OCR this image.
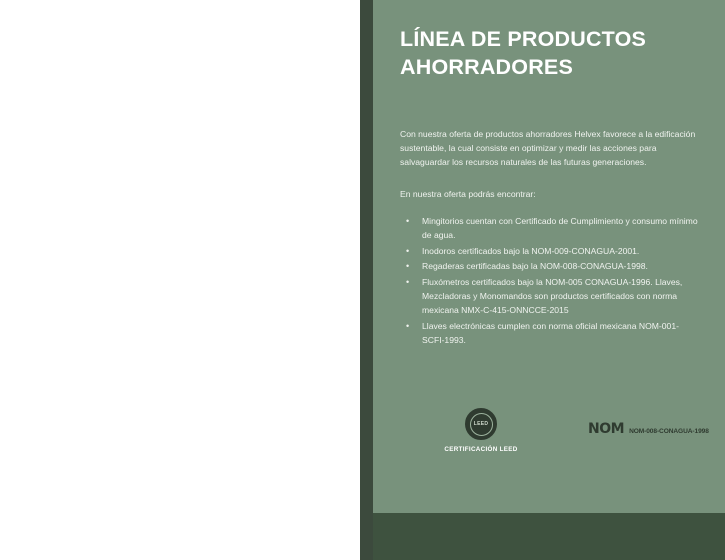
LÍNEA DE PRODUCTOS AHORRADORES

Con nuestra oferta de productos ahorradores Helvex favorece a la edificación sustentable, la cual consiste en optimizar y medir las acciones para salvaguardar los recursos naturales de las futuras generaciones.

En nuestra oferta podrás encontrar:

• Mingitorios cuentan con Certificado de Cumplimiento y consumo mínimo de agua.
• Inodoros certificados bajo la NOM-009-CONAGUA-2001.
• Regaderas certificadas bajo la NOM-008-CONAGUA-1998.
• Fluxómetros certificados bajo la NOM-005 CONAGUA-1996. Llaves, Mezcladoras y Monomandos son productos certificados con norma mexicana NMX-C-415-ONNCCE-2015
• Llaves electrónicas cumplen con norma oficial mexicana NOM-001-SCFI-1993.
LEED
CERTIFICACIÓN LEED
NOM NOM-008-CONAGUA-1998
